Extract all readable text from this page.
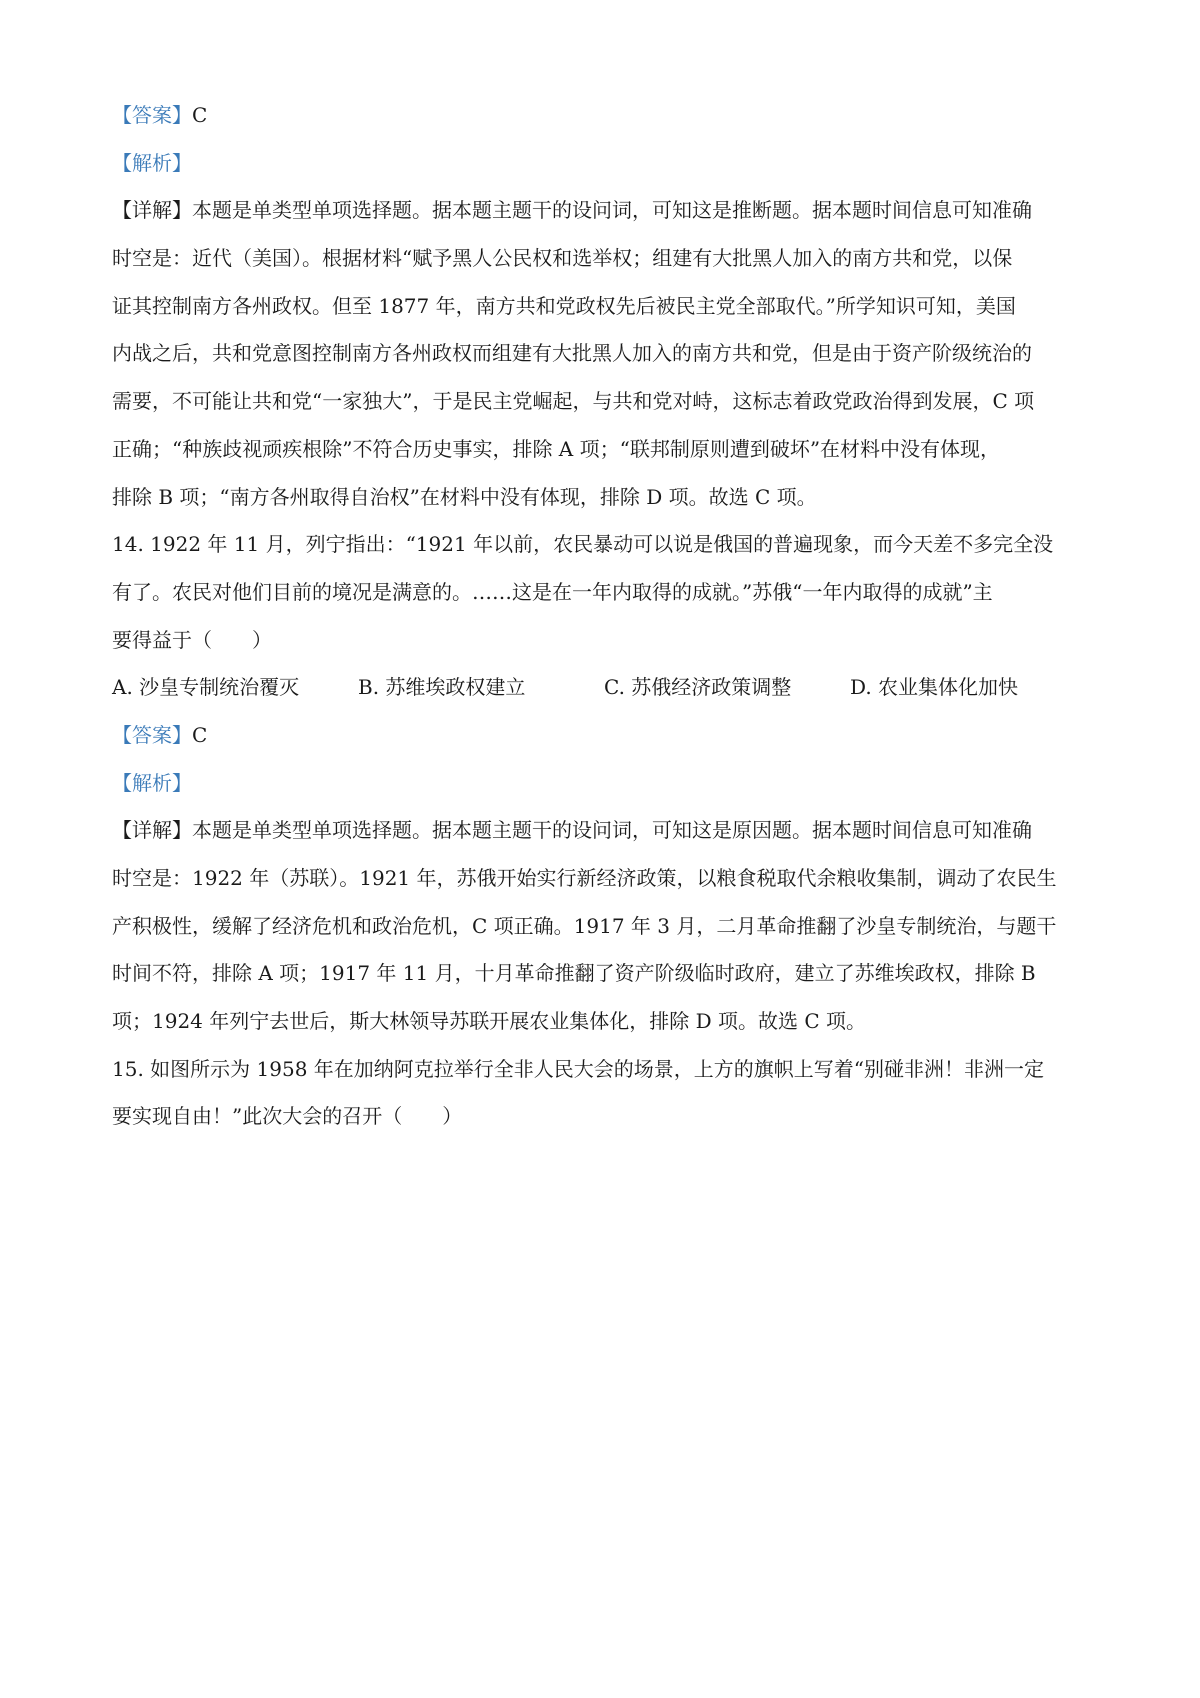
【答案】C
【解析】
【详解】本题是单类型单项选择题。据本题主题干的设问词，可知这是推断题。据本题时间信息可知准确
时空是：近代（美国）。根据材料“赋予黑人公民权和选举权；组建有大批黑人加入的南方共和党，以保
证其控制南方各州政权。但至 1877 年，南方共和党政权先后被民主党全部取代。”所学知识可知，美国
内战之后，共和党意图控制南方各州政权而组建有大批黑人加入的南方共和党，但是由于资产阶级统治的
需要，不可能让共和党“一家独大”，于是民主党崛起，与共和党对峙，这标志着政党政治得到发展，C 项
正确；“种族歧视顽疾根除”不符合历史事实，排除 A 项；“联邦制原则遭到破坏”在材料中没有体现，
排除 B 项；“南方各州取得自治权”在材料中没有体现，排除 D 项。故选 C 项。
14. 1922 年 11 月，列宁指出：“1921 年以前，农民暴动可以说是俄国的普遍现象，而今天差不多完全没
有了。农民对他们目前的境况是满意的。……这是在一年内取得的成就。”苏俄“一年内取得的成就”主
要得益于（　　）
A. 沙皇专制统治覆灭	B. 苏维埃政权建立	C. 苏俄经济政策调整	D. 农业集体化加快
【答案】C
【解析】
【详解】本题是单类型单项选择题。据本题主题干的设问词，可知这是原因题。据本题时间信息可知准确
时空是：1922 年（苏联）。1921 年，苏俄开始实行新经济政策，以粮食税取代余粮收集制，调动了农民生
产积极性，缓解了经济危机和政治危机，C 项正确。1917 年 3 月，二月革命推翻了沙皇专制统治，与题干
时间不符，排除 A 项；1917 年 11 月，十月革命推翻了资产阶级临时政府，建立了苏维埃政权，排除 B
项；1924 年列宁去世后，斯大林领导苏联开展农业集体化，排除 D 项。故选 C 项。
15. 如图所示为 1958 年在加纳阿克拉举行全非人民大会的场景，上方的旗帜上写着“别碰非洲！非洲一定
要实现自由！”此次大会的召开（　　）
